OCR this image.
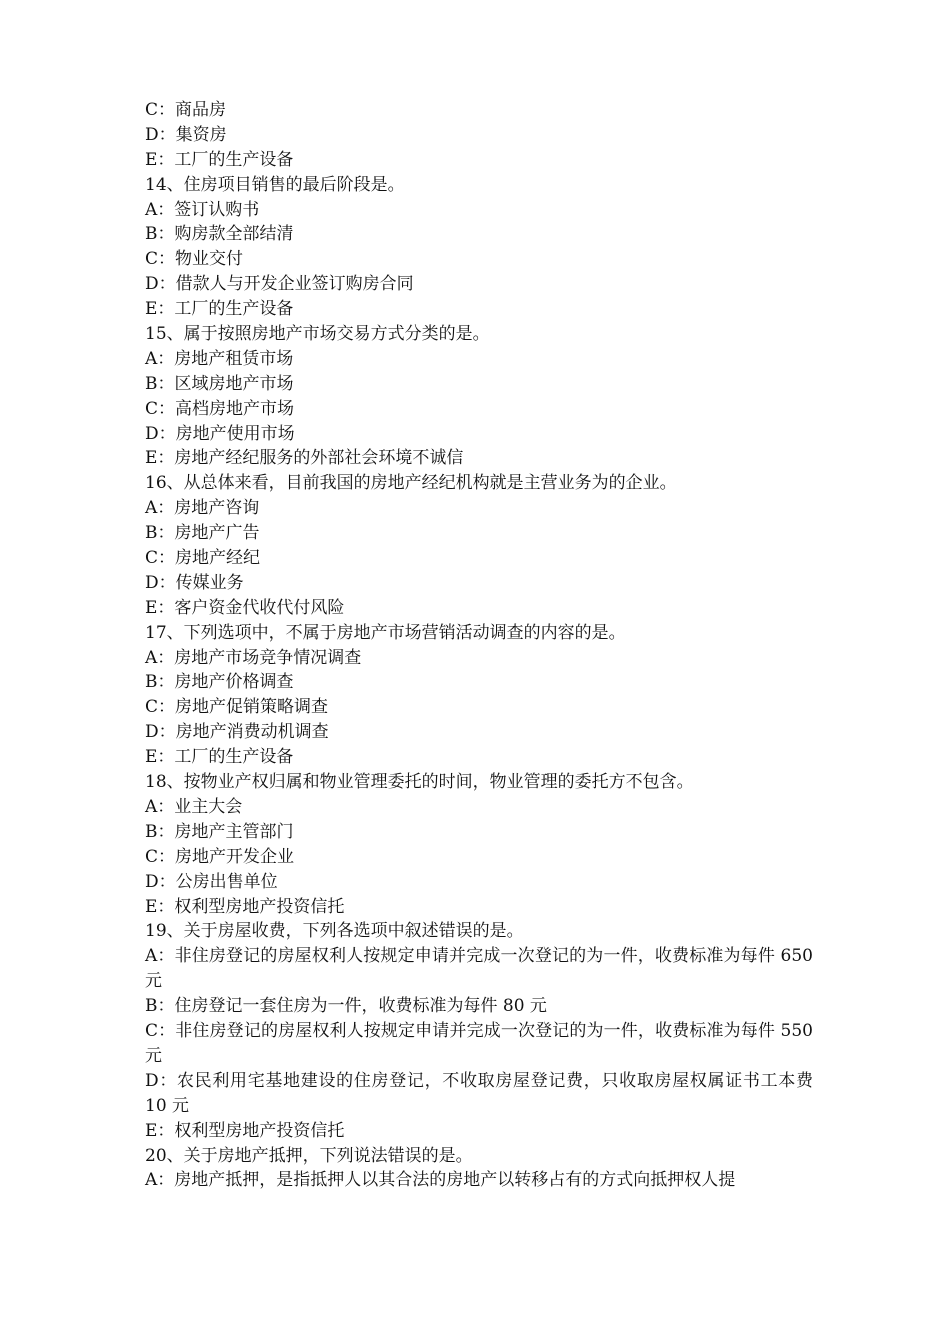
C：商品房
D：集资房
E：工厂的生产设备
14、住房项目销售的最后阶段是。
A：签订认购书
B：购房款全部结清
C：物业交付
D：借款人与开发企业签订购房合同
E：工厂的生产设备
15、属于按照房地产市场交易方式分类的是。
A：房地产租赁市场
B：区域房地产市场
C：高档房地产市场
D：房地产使用市场
E：房地产经纪服务的外部社会环境不诚信
16、从总体来看，目前我国的房地产经纪机构就是主营业务为的企业。
A：房地产咨询
B：房地产广告
C：房地产经纪
D：传媒业务
E：客户资金代收代付风险
17、下列选项中，不属于房地产市场营销活动调查的内容的是。
A：房地产市场竞争情况调查
B：房地产价格调查
C：房地产促销策略调查
D：房地产消费动机调查
E：工厂的生产设备
18、按物业产权归属和物业管理委托的时间，物业管理的委托方不包含。
A：业主大会
B：房地产主管部门
C：房地产开发企业
D：公房出售单位
E：权利型房地产投资信托
19、关于房屋收费，下列各选项中叙述错误的是。
A：非住房登记的房屋权利人按规定申请并完成一次登记的为一件，收费标准为每件 650 元
B：住房登记一套住房为一件，收费标准为每件 80 元
C：非住房登记的房屋权利人按规定申请并完成一次登记的为一件，收费标准为每件 550 元
D：农民利用宅基地建设的住房登记，不收取房屋登记费，只收取房屋权属证书工本费 10 元
E：权利型房地产投资信托
20、关于房地产抵押，下列说法错误的是。
A：房地产抵押，是指抵押人以其合法的房地产以转移占有的方式向抵押权人提
